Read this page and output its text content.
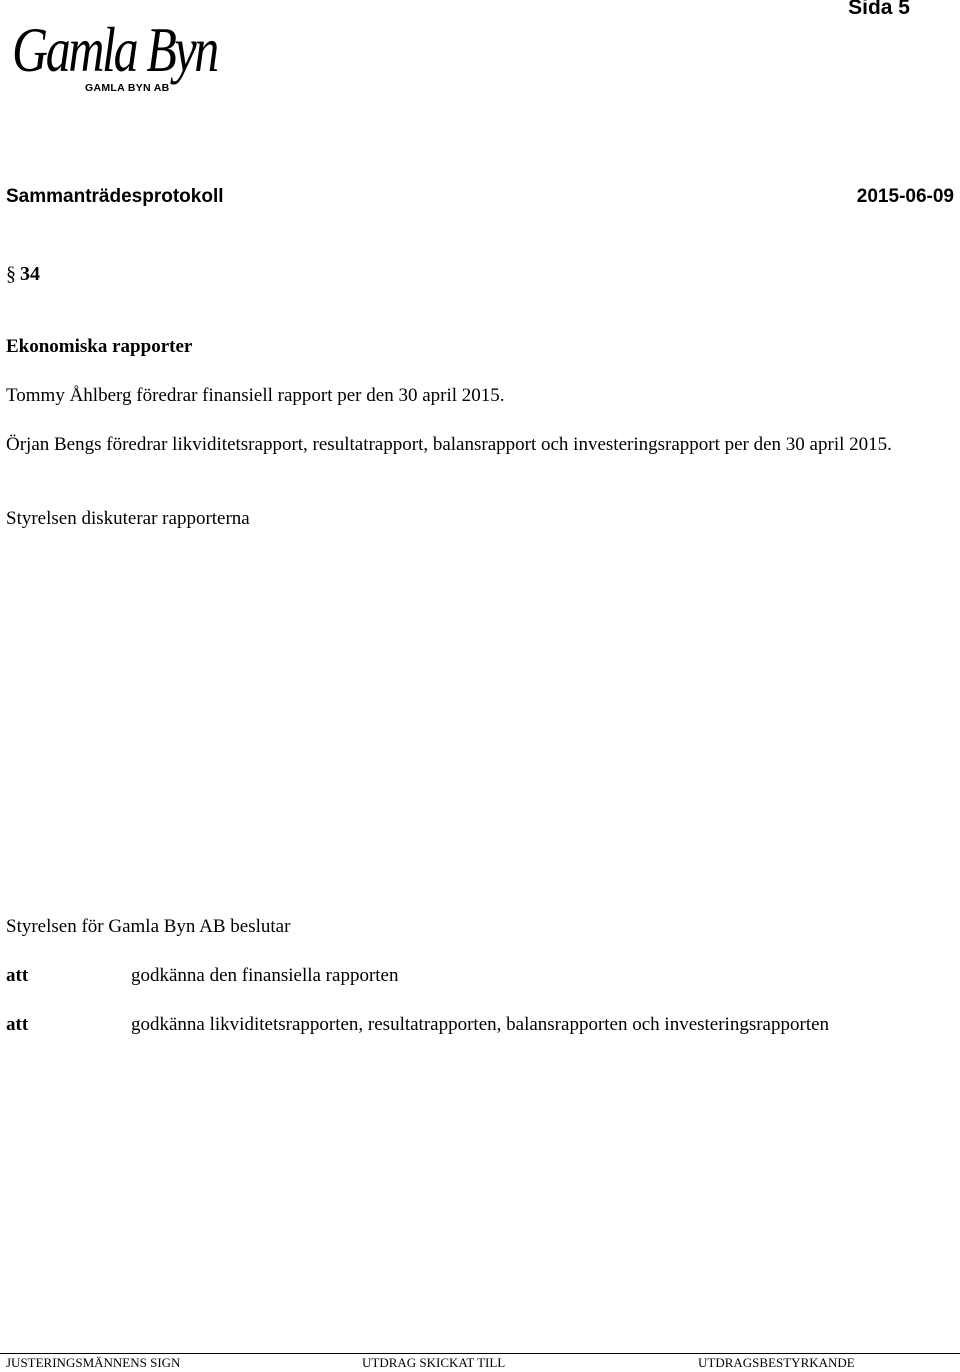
Sida 5
Gamla Byn
GAMLA BYN AB
Sammanträdesprotokoll	2015-06-09
§ 34
Ekonomiska rapporter
Tommy Åhlberg föredrar finansiell rapport per den 30 april 2015.
Örjan Bengs föredrar likviditetsrapport, resultatrapport, balansrapport och investeringsrapport per den 30 april 2015.
Styrelsen diskuterar rapporterna
Styrelsen för Gamla Byn AB beslutar
att	godkänna den finansiella rapporten
att	godkänna likviditetsrapporten, resultatrapporten, balansrapporten och investeringsrapporten
JUSTERINGSMÄNNENS SIGN	UTDRAG SKICKAT TILL	UTDRAGSBESTYRKANDE
